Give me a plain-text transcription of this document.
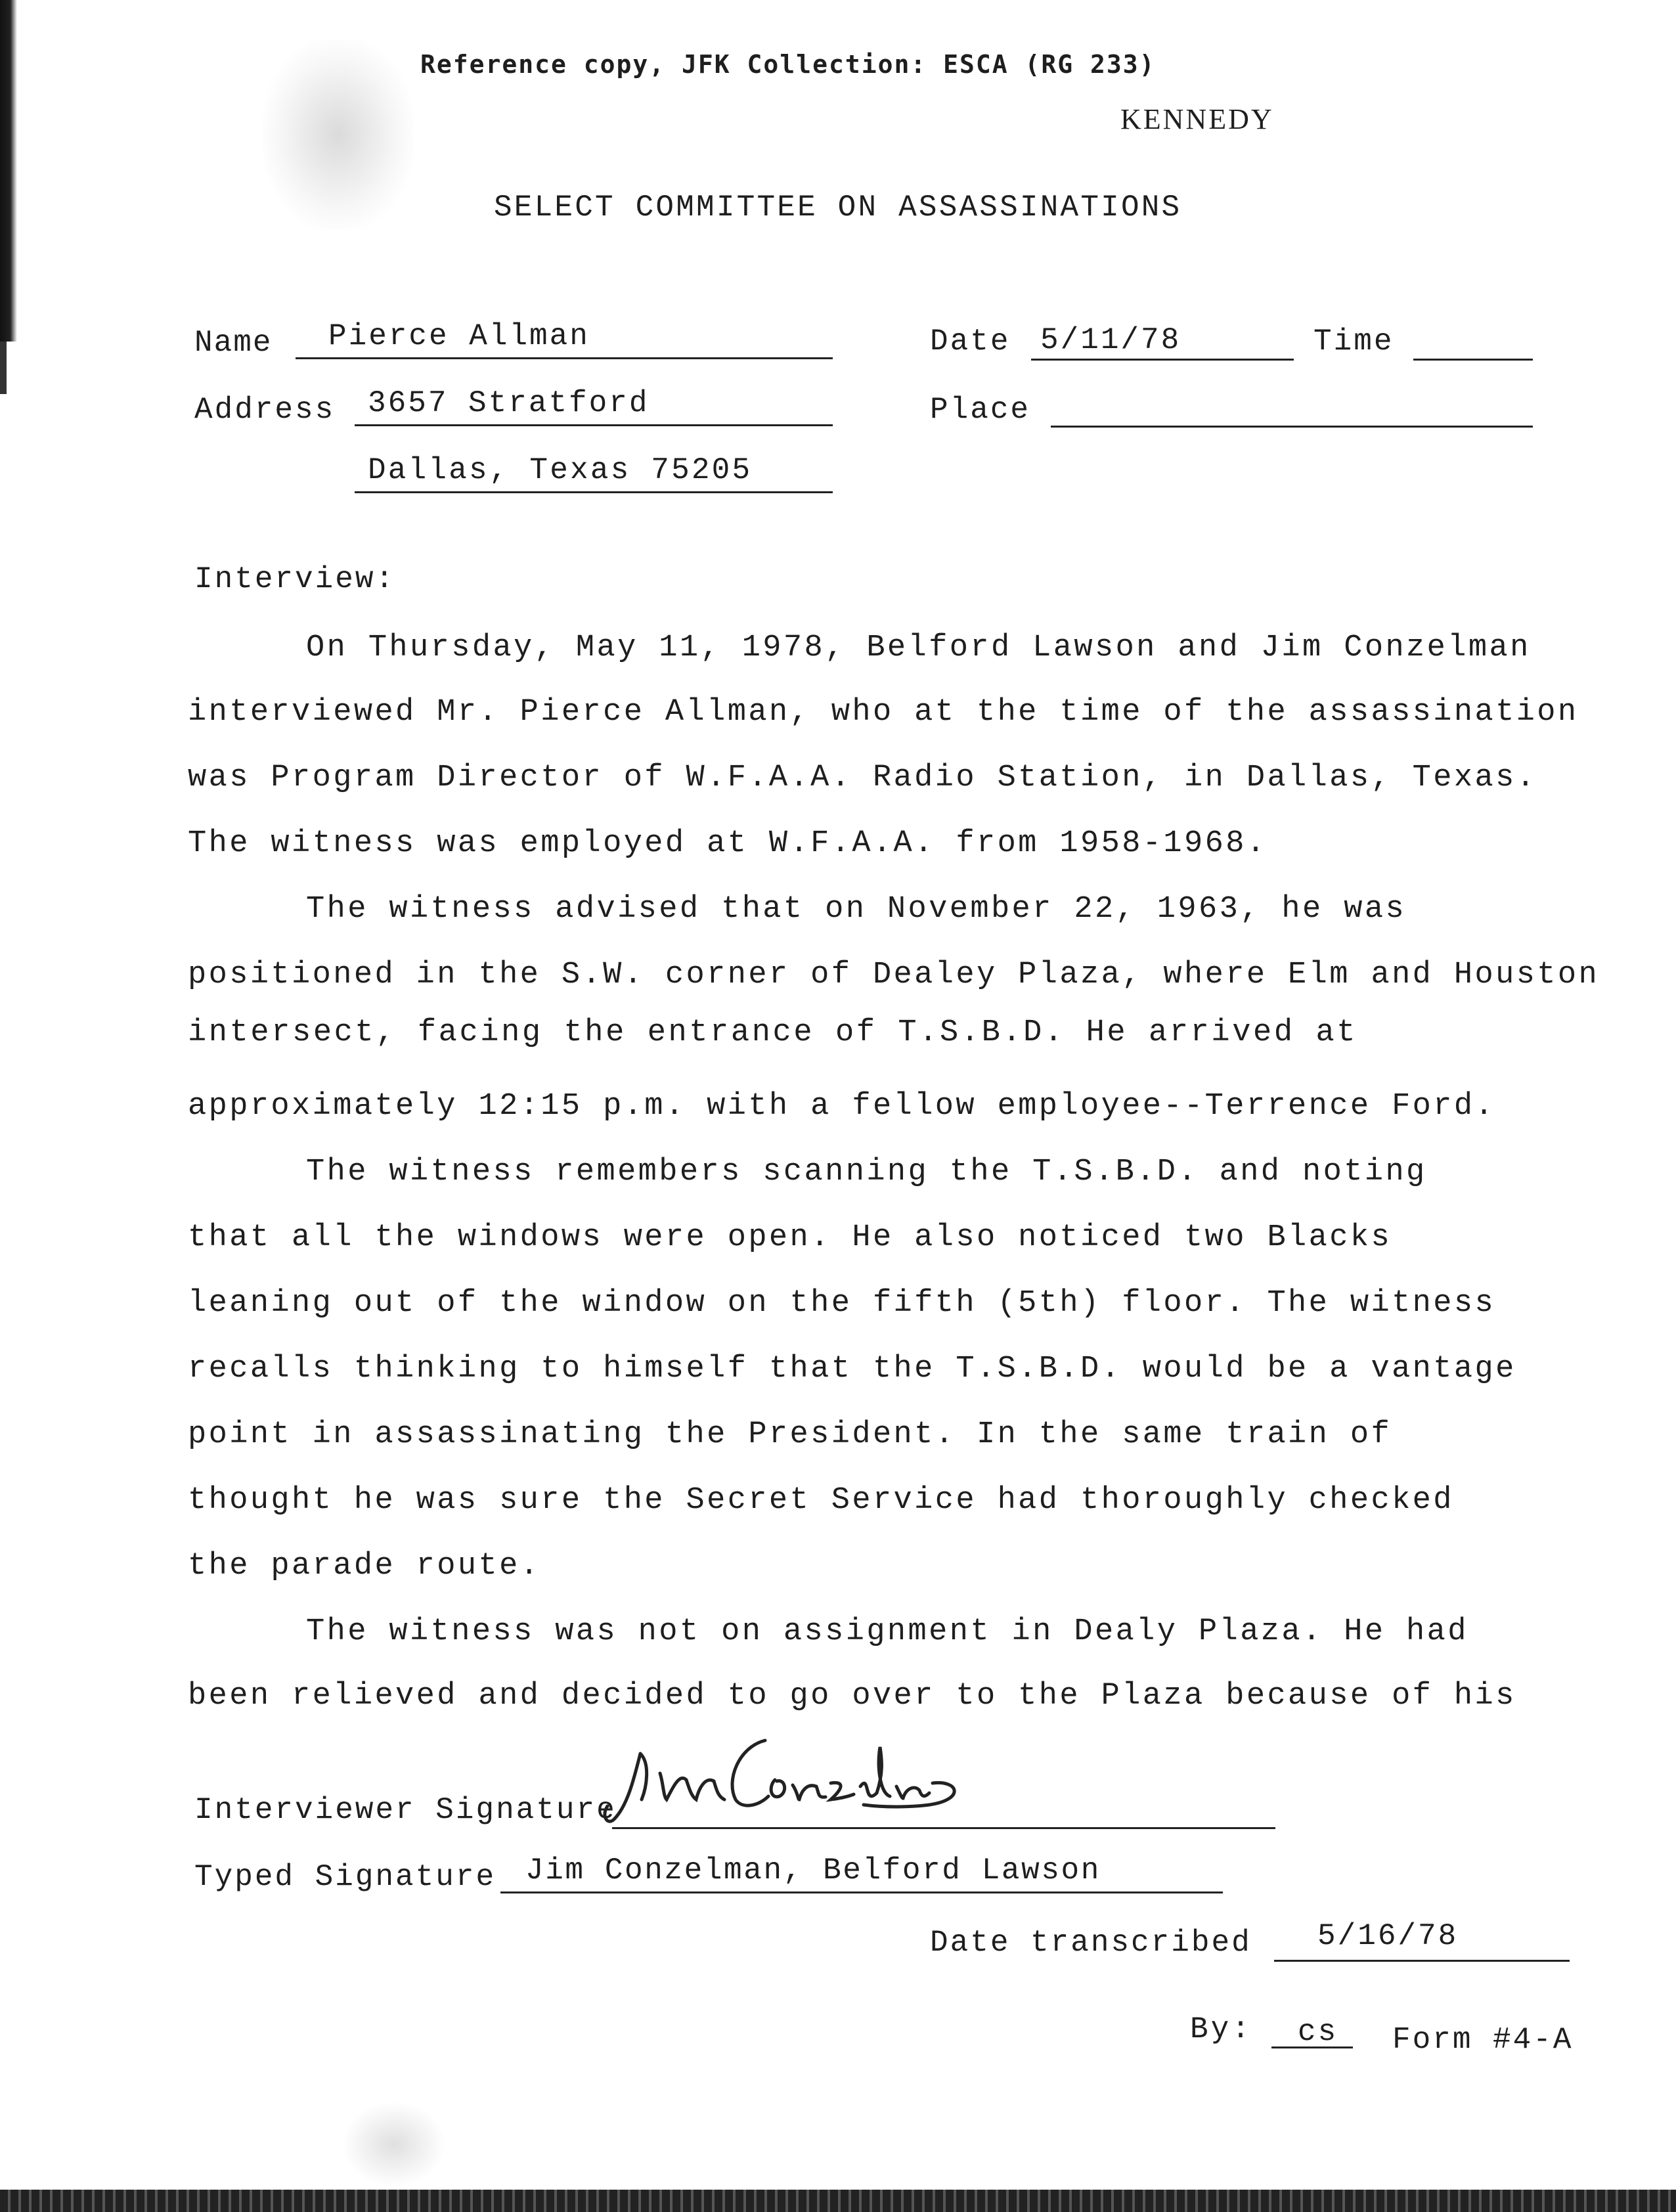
Reference copy, JFK Collection: ESCA (RG 233)
KENNEDY
SELECT COMMITTEE ON ASSASSINATIONS
Name Pierce Allman	Date 5/11/78	Time
Address 3657 Stratford	Place
Dallas, Texas 75205
Interview:
On Thursday, May 11, 1978, Belford Lawson and Jim Conzelman
interviewed Mr. Pierce Allman, who at the time of the assassination
was Program Director of W.F.A.A. Radio Station, in Dallas, Texas.
The witness was employed at W.F.A.A. from 1958-1968.
The witness advised that on November 22, 1963, he was
positioned in the S.W. corner of Dealey Plaza, where Elm and Houston
intersect, facing the entrance of T.S.B.D. He arrived at
approximately 12:15 p.m. with a fellow employee--Terrence Ford.
The witness remembers scanning the T.S.B.D. and noting
that all the windows were open. He also noticed two Blacks
leaning out of the window on the fifth (5th) floor. The witness
recalls thinking to himself that the T.S.B.D. would be a vantage
point in assassinating the President. In the same train of
thought he was sure the Secret Service had thoroughly checked
the parade route.
The witness was not on assignment in Dealy Plaza. He had
been relieved and decided to go over to the Plaza because of his
Interviewer Signature
Typed Signature Jim Conzelman, Belford Lawson
Date transcribed 5/16/78
By: cs Form #4-A
